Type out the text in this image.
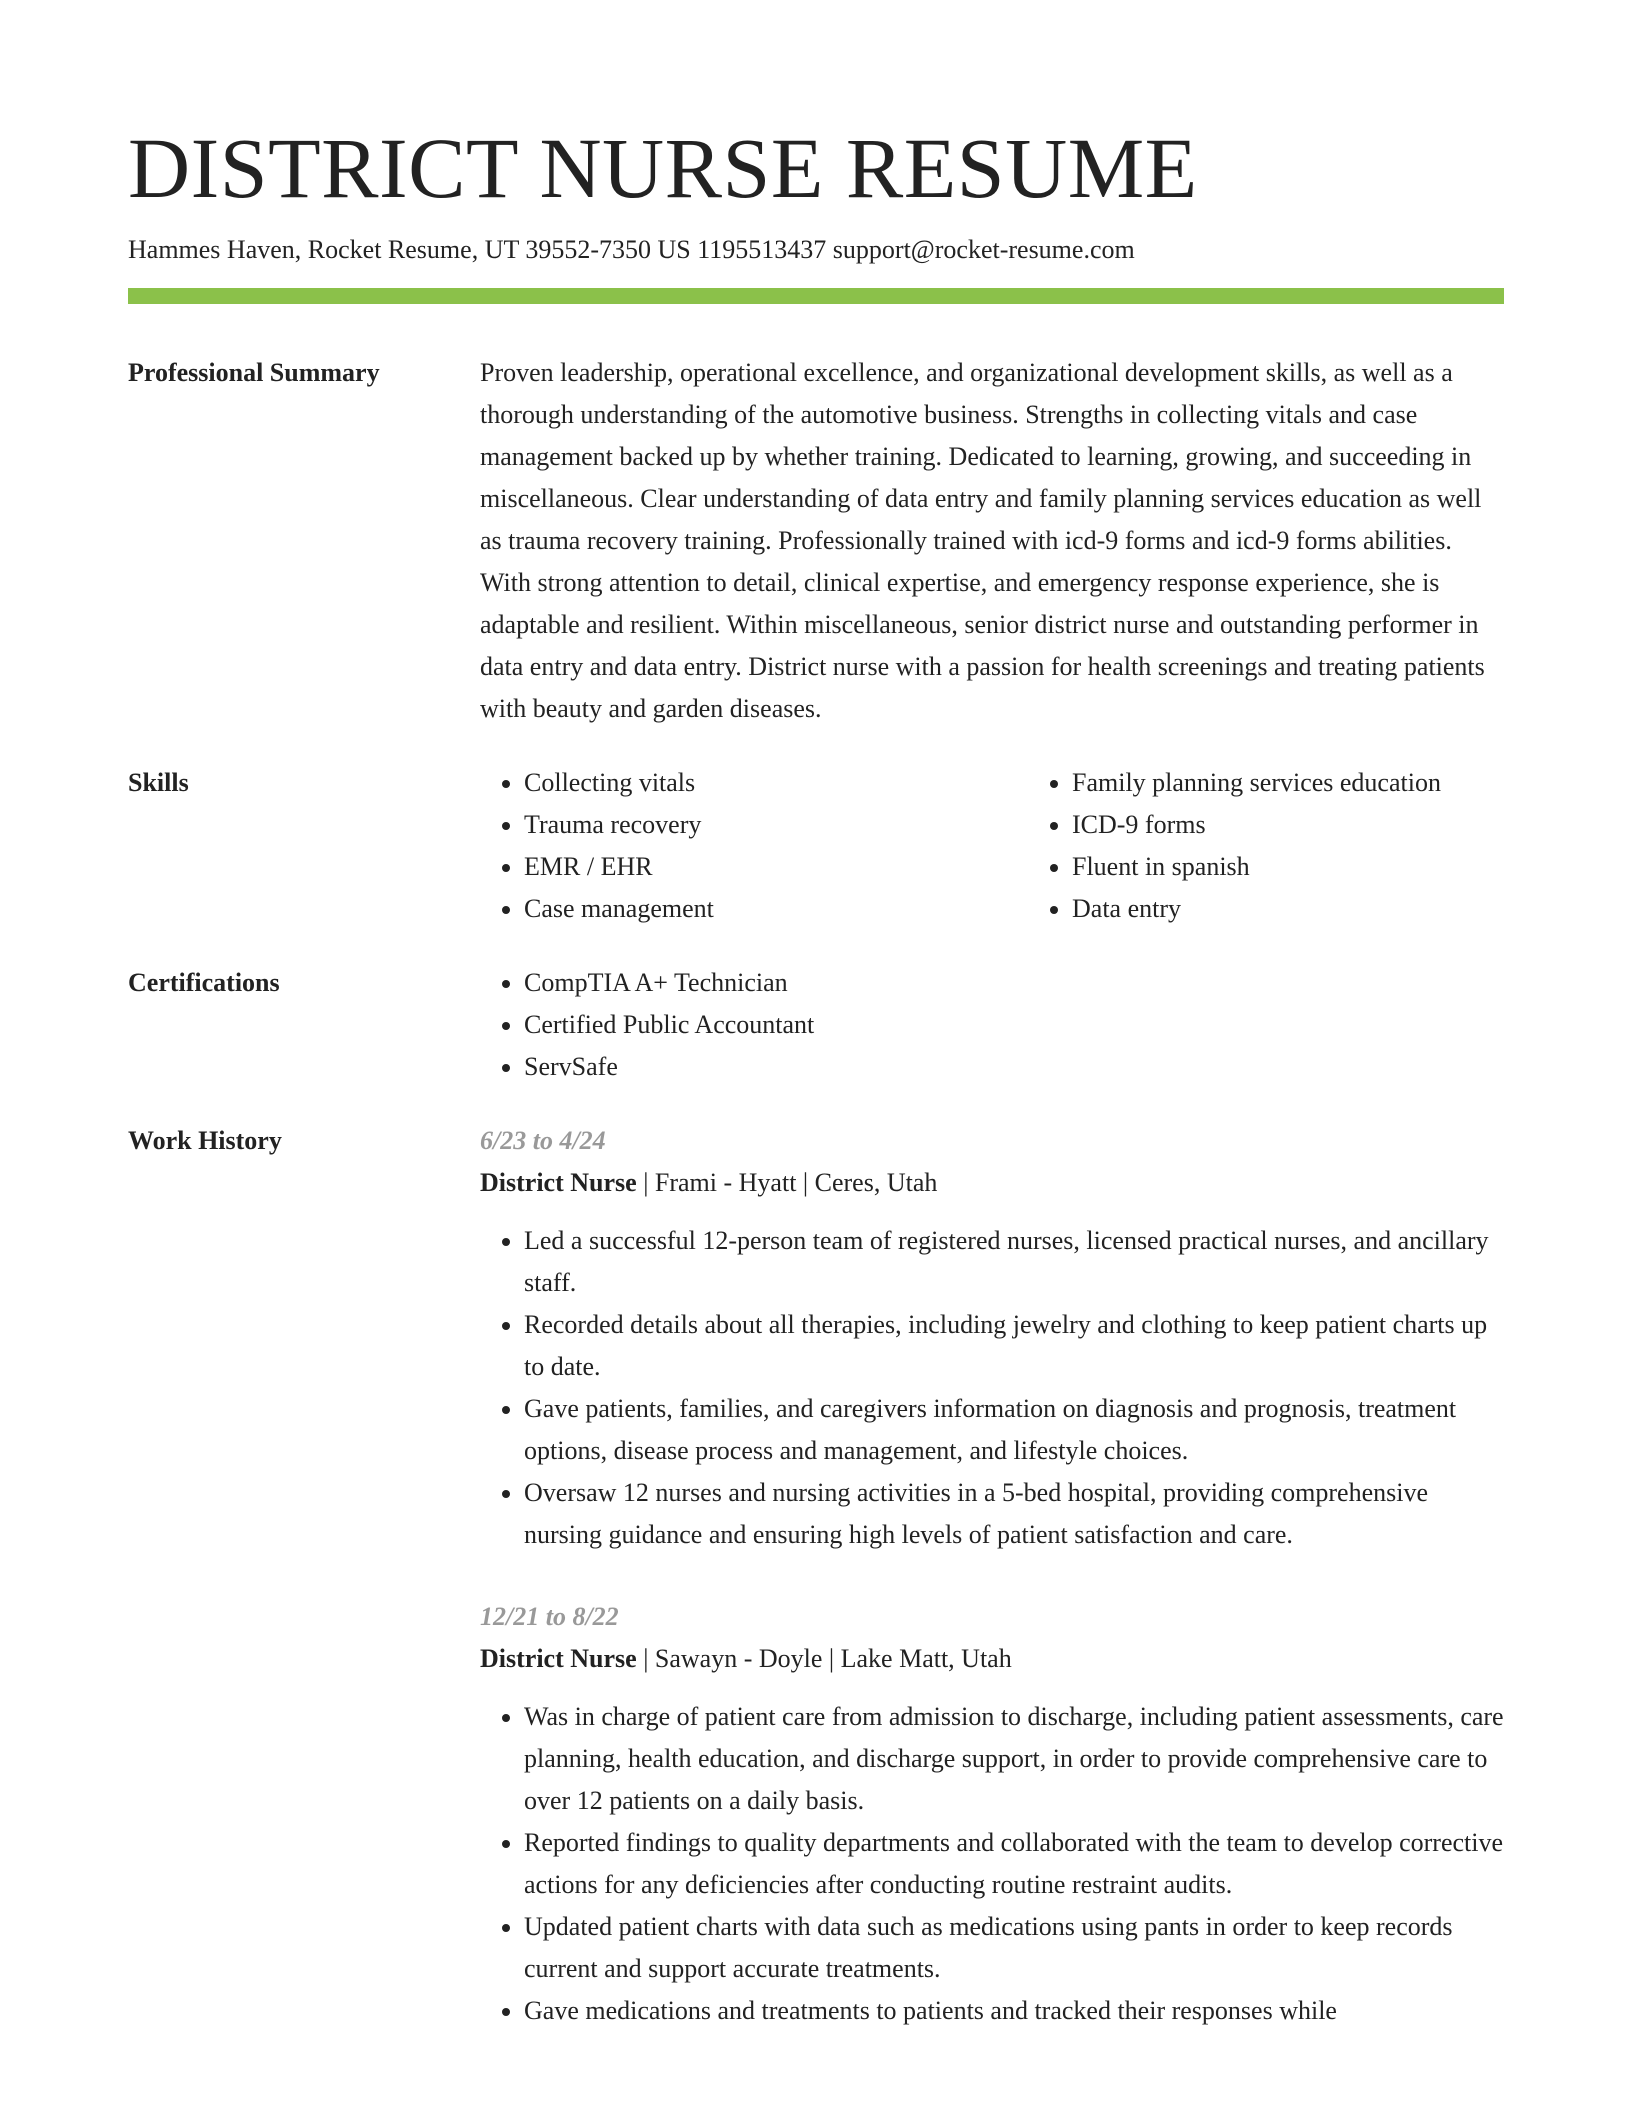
DISTRICT NURSE RESUME
Hammes Haven, Rocket Resume, UT 39552-7350 US 1195513437 support@rocket-resume.com
Professional Summary	Proven leadership, operational excellence, and organizational development skills, as well as a thorough understanding of the automotive business. Strengths in collecting vitals and case management backed up by whether training. Dedicated to learning, growing, and succeeding in miscellaneous. Clear understanding of data entry and family planning services education as well as trauma recovery training. Professionally trained with icd-9 forms and icd-9 forms abilities. With strong attention to detail, clinical expertise, and emergency response experience, she is adaptable and resilient. Within miscellaneous, senior district nurse and outstanding performer in data entry and data entry. District nurse with a passion for health screenings and treating patients with beauty and garden diseases.
Skills	• Collecting vitals
• Trauma recovery
• EMR / EHR
• Case management
• Family planning services education
• ICD-9 forms
• Fluent in spanish
• Data entry
Certifications	• CompTIA A+ Technician
• Certified Public Accountant
• ServSafe
Work History	6/23 to 4/24
District Nurse | Frami - Hyatt | Ceres, Utah
• Led a successful 12-person team of registered nurses, licensed practical nurses, and ancillary staff.
• Recorded details about all therapies, including jewelry and clothing to keep patient charts up to date.
• Gave patients, families, and caregivers information on diagnosis and prognosis, treatment options, disease process and management, and lifestyle choices.
• Oversaw 12 nurses and nursing activities in a 5-bed hospital, providing comprehensive nursing guidance and ensuring high levels of patient satisfaction and care.
12/21 to 8/22
District Nurse | Sawayn - Doyle | Lake Matt, Utah
• Was in charge of patient care from admission to discharge, including patient assessments, care planning, health education, and discharge support, in order to provide comprehensive care to over 12 patients on a daily basis.
• Reported findings to quality departments and collaborated with the team to develop corrective actions for any deficiencies after conducting routine restraint audits.
• Updated patient charts with data such as medications using pants in order to keep records current and support accurate treatments.
• Gave medications and treatments to patients and tracked their responses while
